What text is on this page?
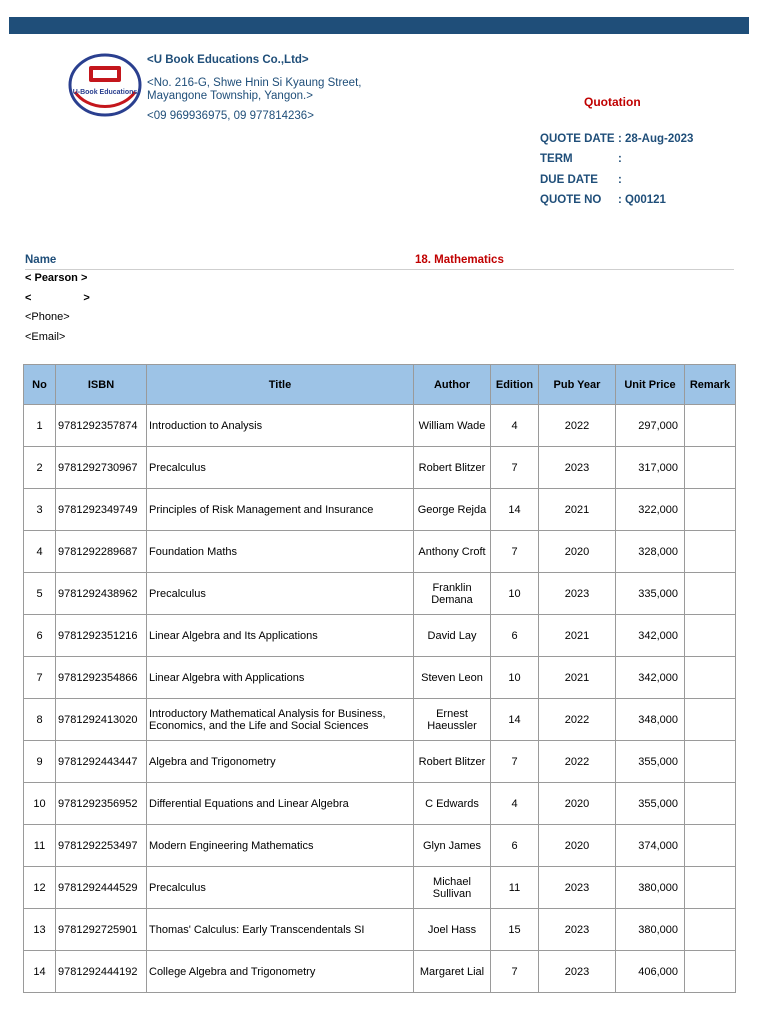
U-Book Educations
<U Book Educations Co.,Ltd>
<No. 216-G, Shwe Hnin Si Kyaung Street,
Mayangone Township, Yangon.>
<09 969936975, 09 977814236>
Quotation
QUOTE DATE : 28-Aug-2023
TERM	:
DUE DATE :
QUOTE NO : Q00121
Name	18. Mathematics
< Pearson >
<                 >
<Phone>
<Email>
No	ISBN	Title	Author	Edition	Pub Year	Unit Price	Remark
1	9781292357874	Introduction to Analysis	William Wade	4	2022	297,000	
2	9781292730967	Precalculus	Robert Blitzer	7	2023	317,000	
3	9781292349749	Principles of Risk Management and Insurance	George Rejda	14	2021	322,000	
4	9781292289687	Foundation Maths	Anthony Croft	7	2020	328,000	
5	9781292438962	Precalculus	Franklin Demana	10	2023	335,000	
6	9781292351216	Linear Algebra and Its Applications	David Lay	6	2021	342,000	
7	9781292354866	Linear Algebra with Applications	Steven Leon	10	2021	342,000	
8	9781292413020	Introductory Mathematical Analysis for Business, Economics, and the Life and Social Sciences	Ernest Haeussler	14	2022	348,000	
9	9781292443447	Algebra and Trigonometry	Robert Blitzer	7	2022	355,000	
10	9781292356952	Differential Equations and Linear Algebra	C Edwards	4	2020	355,000	
11	9781292253497	Modern Engineering Mathematics	Glyn James	6	2020	374,000	
12	9781292444529	Precalculus	Michael Sullivan	11	2023	380,000	
13	9781292725901	Thomas' Calculus: Early Transcendentals SI	Joel Hass	15	2023	380,000	
14	9781292444192	College Algebra and Trigonometry	Margaret Lial	7	2023	406,000	
